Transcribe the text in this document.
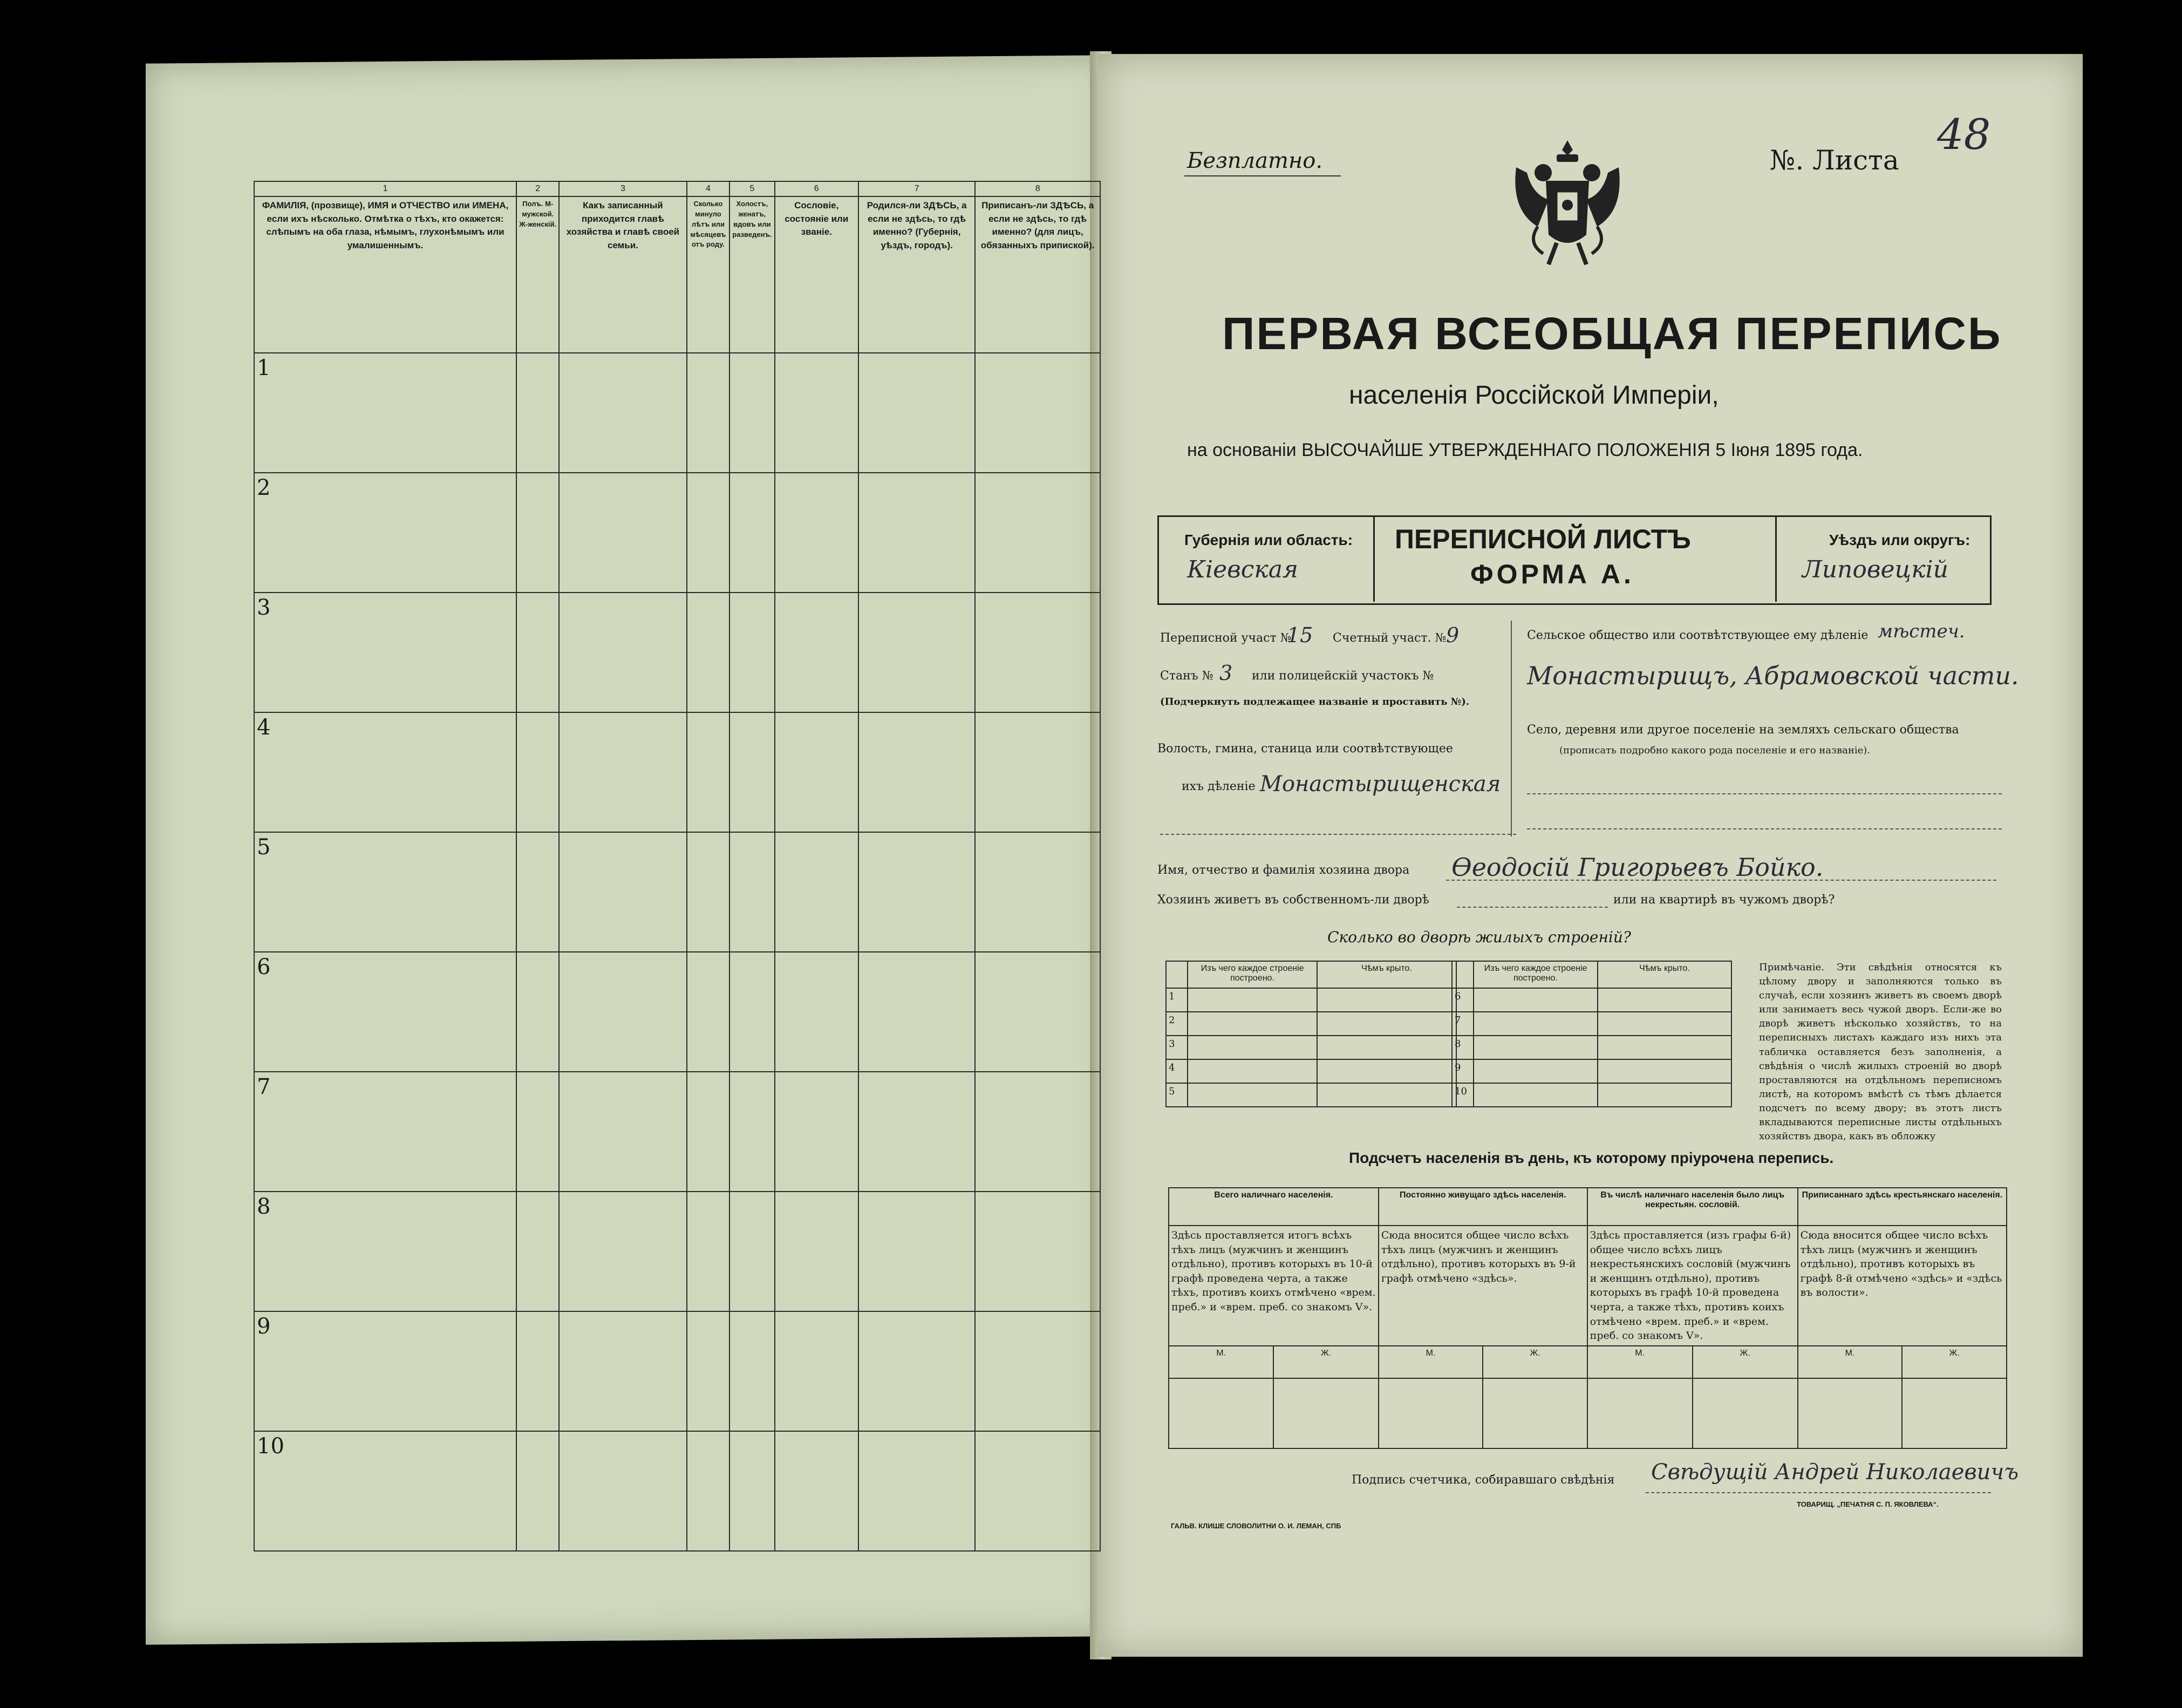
1	2	3	4	5	6	7	8
ФАМИЛІЯ, (прозвище), ИМЯ и ОТЧЕСТВО или ИМЕНА, если ихъ нѣсколько. Отмѣтка о тѣхъ, кто окажется: слѣпымъ на оба глаза, нѣмымъ, глухонѣмымъ или умалишеннымъ.	Полъ. М-мужской. Ж-женскій.	Какъ записанный приходится главѣ хозяйства и главѣ своей семьи.	Сколько минуло лѣтъ или мѣсяцевъ отъ роду.	Холостъ, женатъ, вдовъ или разведенъ.	Сословіе, состояніе или званіе.	Родился-ли ЗДѢСЬ, а если не здѣсь, то гдѣ именно? (Губернія, уѣздъ, городъ).	Приписанъ-ли ЗДѢСЬ, а если не здѣсь, то гдѣ именно? (для лицъ, обязанныхъ припиской).
1							
2							
3							
4							
5							
6							
7							
8							
9							
10							
Безплатно.	№. Листа
48
ПЕРВАЯ ВСЕОБЩАЯ ПЕРЕПИСЬ
населенія Россійской Имперіи,
на основаніи ВЫСОЧАЙШЕ УТВЕРЖДЕННАГО ПОЛОЖЕНІЯ 5 Іюня 1895 года.
Губернія или область:
Кіевская
ПЕРЕПИСНОЙ ЛИСТЪ
ФОРМА А.
Уѣздъ или округъ:
Липовецкій
Переписной участ №
15 Счетный участ. № 9
Станъ № 3 или полицейскій участокъ №
(Подчеркнуть подлежащее названіе и проставить №).
Волость, гмина, станица или соотвѣтствующее
ихъ дѣленіе Монастырищенская
Сельское общество или соотвѣтствующее ему дѣленіе мѣстеч.
Монастырищъ, Абрамовской части.
Село, деревня или другое поселеніе на земляхъ сельскаго общества
(прописать подробно какого рода поселеніе и его названіе).
Имя, отчество и фамилія хозяина двора Ѳеодосій Григорьевъ Бойко.
Хозяинъ живетъ въ собственномъ-ли дворѣ	или на квартирѣ въ чужомъ дворѣ?
Сколько во дворѣ жилыхъ строеній?
	Изъ чего каждое строеніе построено.	Чѣмъ крыто.
1		
2		
3		
4		
5		
	Изъ чего каждое строеніе построено.	Чѣмъ крыто.
6		
7		
8		
9		
10		
Примѣчаніе. Эти свѣдѣнія относятся къ цѣлому двору и заполняются только въ случаѣ, если хозяинъ живетъ въ своемъ дворѣ или занимаетъ весь чужой дворъ. Если-же во дворѣ живетъ нѣсколько хозяйствъ, то на переписныхъ листахъ каждаго изъ нихъ эта табличка оставляется безъ заполненія, а свѣдѣнія о числѣ жилыхъ строеній во дворѣ проставляются на отдѣльномъ переписномъ листѣ, на которомъ вмѣстѣ съ тѣмъ дѣлается подсчетъ по всему двору; въ этотъ листъ вкладываются переписные листы отдѣльныхъ хозяйствъ двора, какъ въ обложку
Подсчетъ населенія въ день, къ которому пріурочена перепись.
Всего наличнаго населенія.		Постоянно живущаго здѣсь населенія.		Въ числѣ наличнаго населенія было лицъ некрестьян. сословій.		Приписаннаго здѣсь крестьянскаго населенія.	
Здѣсь проставляется итогъ всѣхъ тѣхъ лицъ (мужчинъ и женщинъ отдѣльно), противъ которыхъ въ 10-й графѣ проведена черта, а также тѣхъ, противъ коихъ отмѣчено «врем. преб.» и «врем. преб. со знакомъ V».		Сюда вносится общее число всѣхъ тѣхъ лицъ (мужчинъ и женщинъ отдѣльно), противъ которыхъ въ 9-й графѣ отмѣчено «здѣсь».		Здѣсь проставляется (изъ графы 6-й) общее число всѣхъ лицъ некрестьянскихъ сословій (мужчинъ и женщинъ отдѣльно), противъ которыхъ въ графѣ 10-й проведена черта, а также тѣхъ, противъ коихъ отмѣчено «врем. преб.» и «врем. преб. со знакомъ V».		Сюда вносится общее число всѣхъ тѣхъ лицъ (мужчинъ и женщинъ отдѣльно), противъ которыхъ въ графѣ 8-й отмѣчено «здѣсь» и «здѣсь въ волости».	
М.	Ж.	М.	Ж.	М.	Ж.	М.	Ж.

Подпись счетчика, собиравшаго свѣдѣнія Свѣдущій Андрей Николаевичъ
ГАЛЬВ. КЛИШЕ СЛОВОЛИТНИ О. И. ЛЕМАН, СПБ
ТОВАРИЩ. „ПЕЧАТНЯ С. П. ЯКОВЛЕВА“.
